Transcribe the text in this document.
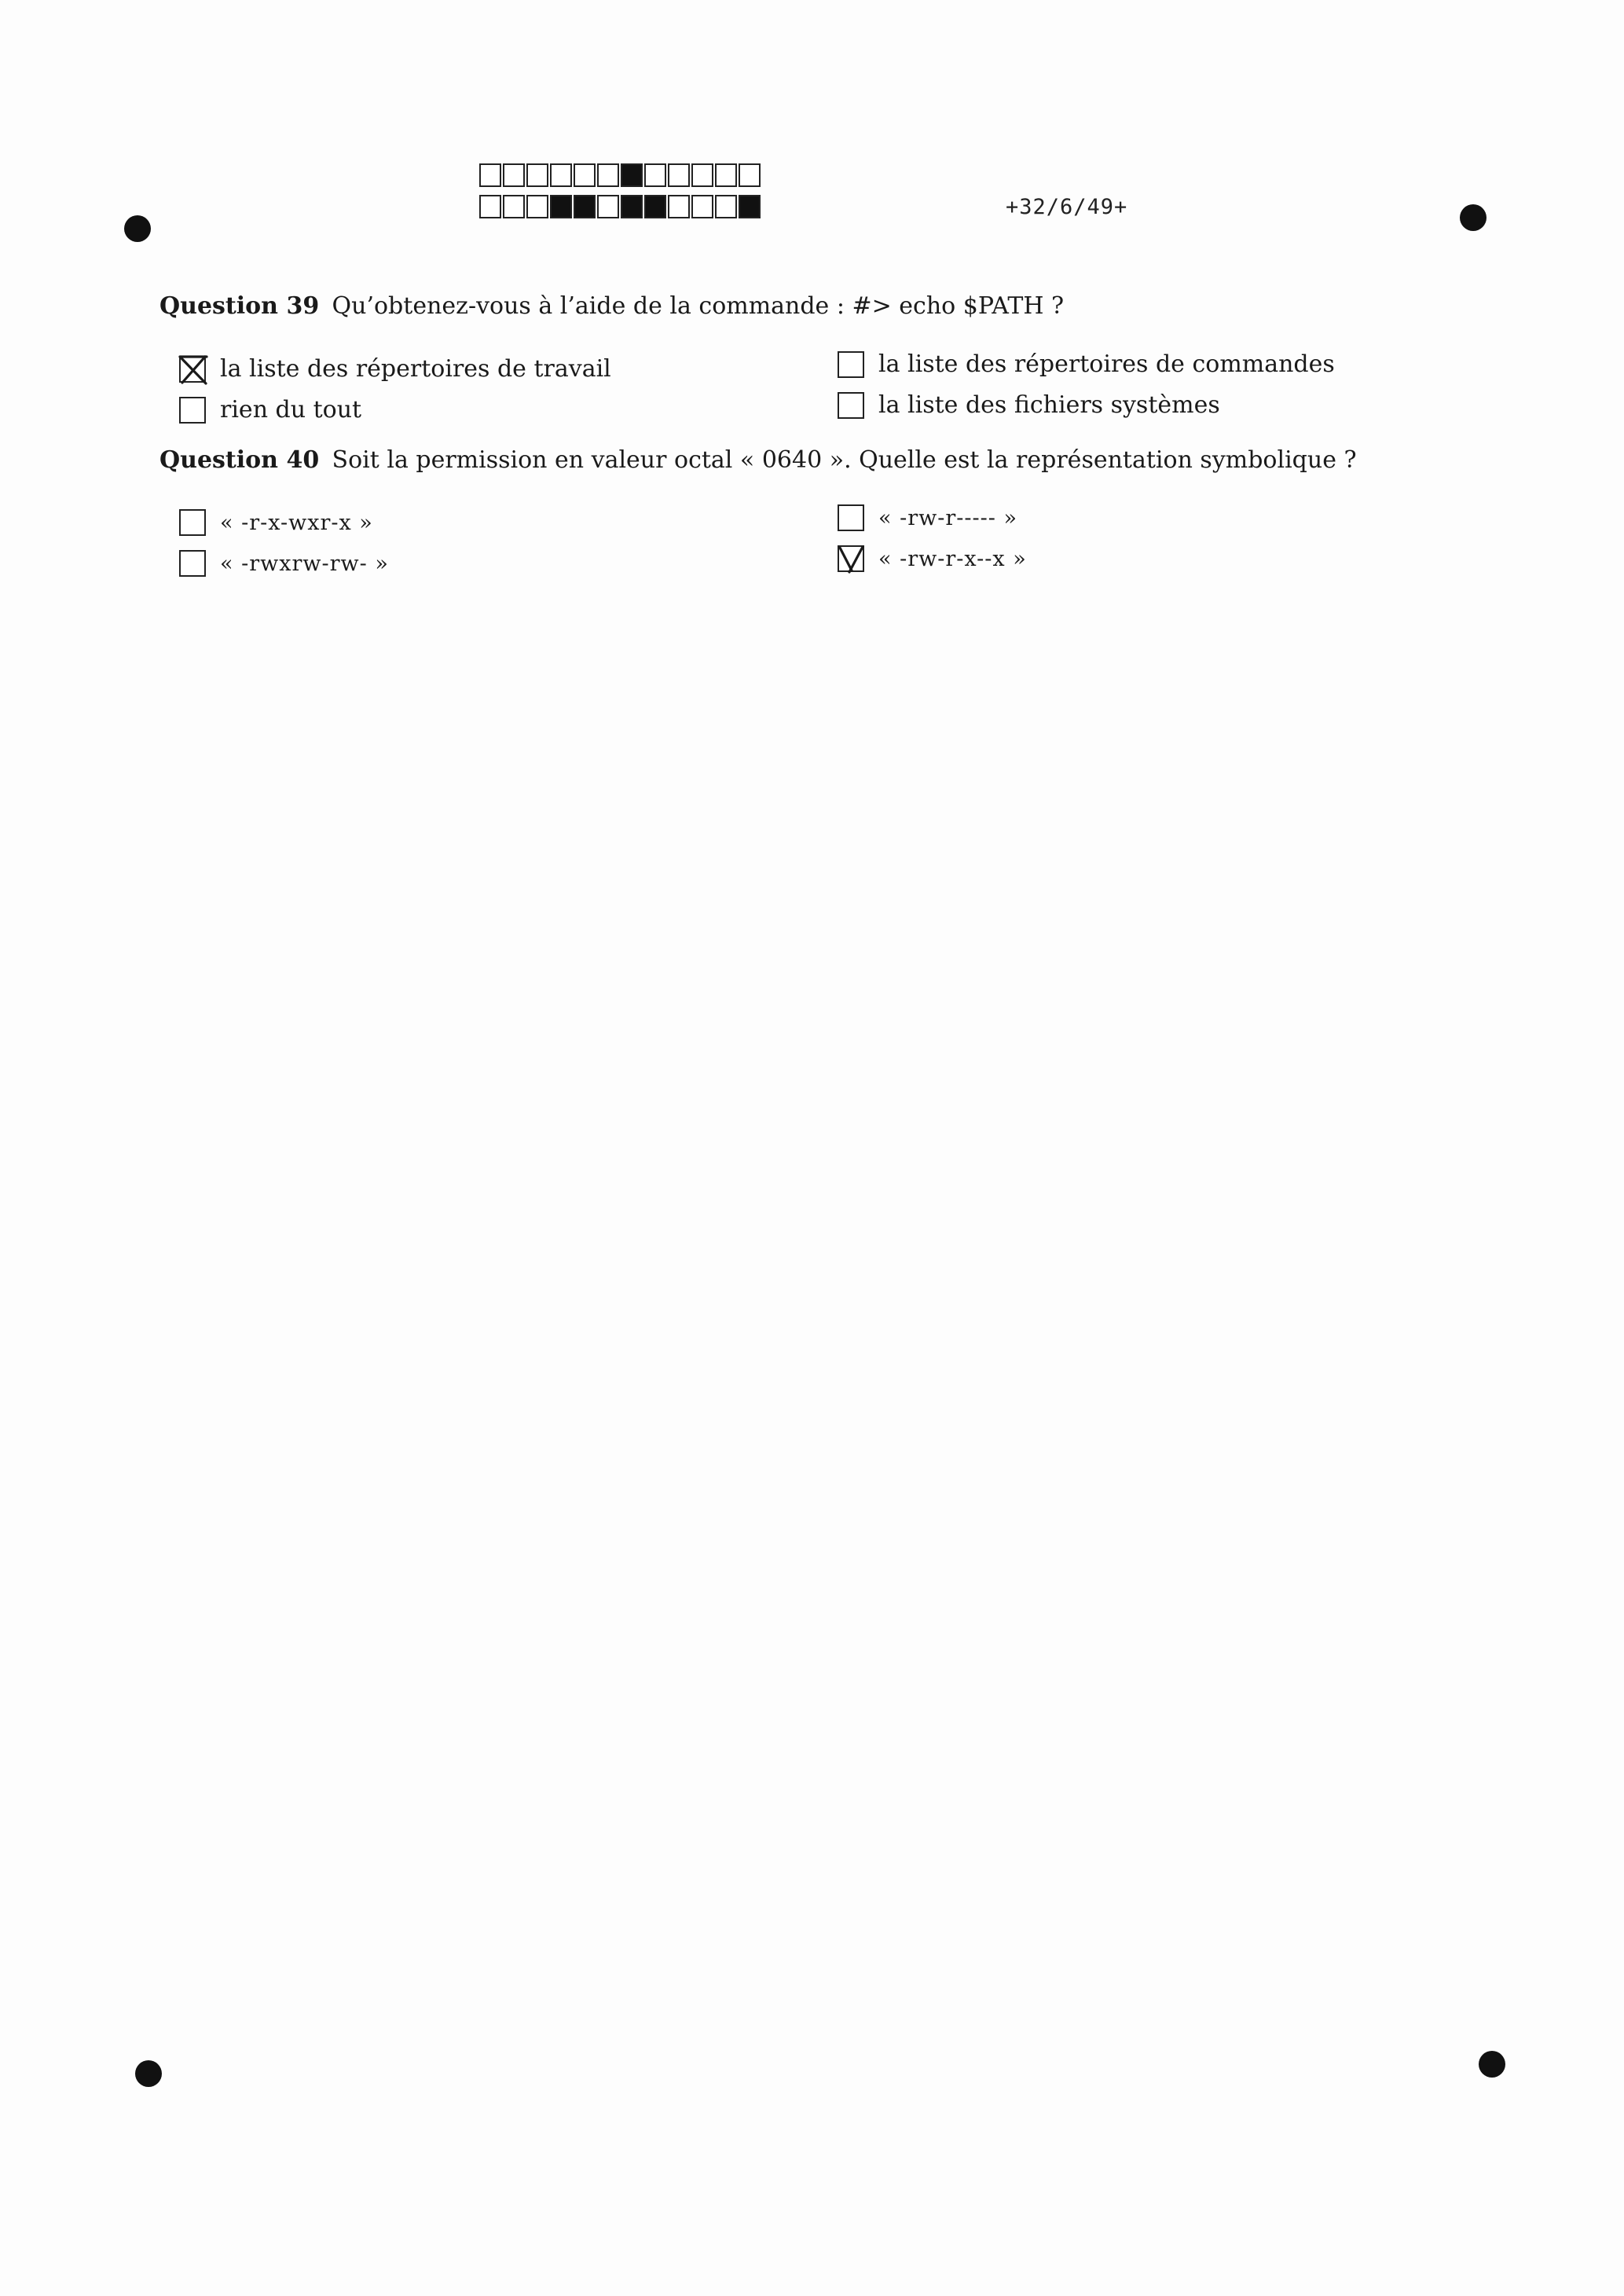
+32/6/49+
Question 39 Qu’obtenez-vous à l’aide de la commande : #> echo $PATH ?
la liste des répertoires de travail
rien du tout
la liste des répertoires de commandes
la liste des fichiers systèmes
Question 40 Soit la permission en valeur octal « 0640 ». Quelle est la représentation symbolique ?
« -r-x-wxr-x »
« -rwxrw-rw- »
« -rw-r----- »
« -rw-r-x--x »
